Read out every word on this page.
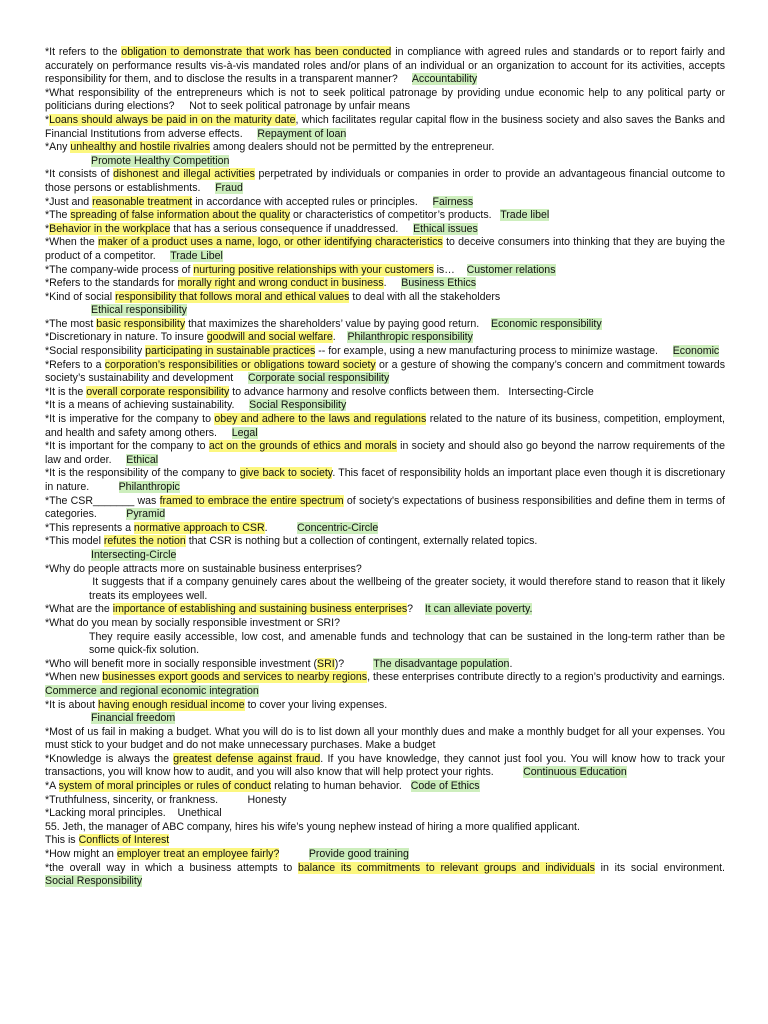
*It refers to the obligation to demonstrate that work has been conducted in compliance with agreed rules and standards or to report fairly and accurately on performance results vis-à-vis mandated roles and/or plans of an individual or an organization to account for its activities, accepts responsibility for them, and to disclose the results in a transparent manner?     Accountability

*What responsibility of the entrepreneurs which is not to seek political patronage by providing undue economic help to any political party or politicians during elections?     Not to seek political patronage by unfair means

*Loans should always be paid in on the maturity date, which facilitates regular capital flow in the business society and also saves the Banks and Financial Institutions from adverse effects.     Repayment of loan

*Any unhealthy and hostile rivalries among dealers should not be permitted by the entrepreneur.

Promote Healthy Competition

*It consists of dishonest and illegal activities perpetrated by individuals or companies in order to provide an advantageous financial outcome to those persons or establishments.     Fraud

*Just and reasonable treatment in accordance with accepted rules or principles.     Fairness

*The spreading of false information about the quality or characteristics of competitor’s products.   Trade libel

*Behavior in the workplace that has a serious consequence if unaddressed.     Ethical issues

*When the maker of a product uses a name, logo, or other identifying characteristics to deceive consumers into thinking that they are buying the product of a competitor.     Trade Libel

*The company-wide process of nurturing positive relationships with your customers is…    Customer relations

*Refers to the standards for morally right and wrong conduct in business.     Business Ethics

*Kind of social responsibility that follows moral and ethical values to deal with all the stakeholders

Ethical responsibility

*The most basic responsibility that maximizes the shareholders’ value by paying good return.    Economic responsibility

*Discretionary in nature. To insure goodwill and social welfare.    Philanthropic responsibility

*Social responsibility participating in sustainable practices -- for example, using a new manufacturing process to minimize wastage.     Economic

*Refers to a corporation’s responsibilities or obligations toward society or a gesture of showing the company’s concern and commitment towards society’s sustainability and development     Corporate social responsibility

*It is the overall corporate responsibility to advance harmony and resolve conflicts between them.   Intersecting-Circle

*It is a means of achieving sustainability.     Social Responsibility

*It is imperative for the company to obey and adhere to the laws and regulations related to the nature of its business, competition, employment, and health and safety among others.     Legal

*It is important for the company to act on the grounds of ethics and morals in society and should also go beyond the narrow requirements of the law and order.     Ethical

*It is the responsibility of the company to give back to society. This facet of responsibility holds an important place even though it is discretionary in nature.          Philanthropic

*The CSR_______ was framed to embrace the entire spectrum of society's expectations of business responsibilities and define them in terms of categories.          Pyramid

*This represents a normative approach to CSR.          Concentric-Circle

*This model refutes the notion that CSR is nothing but a collection of contingent, externally related topics.

Intersecting-Circle

*Why do people attracts more on sustainable business enterprises?

It suggests that if a company genuinely cares about the wellbeing of the greater society, it would therefore stand to reason that it likely treats its employees well.

*What are the importance of establishing and sustaining business enterprises?    It can alleviate poverty.

*What do you mean by socially responsible investment or SRI?

They require easily accessible, low cost, and amenable funds and technology that can be sustained in the long-term rather than be some quick-fix solution.

*Who will benefit more in socially responsible investment (SRI)?          The disadvantage population.

*When new businesses export goods and services to nearby regions, these enterprises contribute directly to a region’s productivity and earnings.          Commerce and regional economic integration

*It is about having enough residual income to cover your living expenses.

Financial freedom

*Most of us fail in making a budget. What you will do is to list down all your monthly dues and make a monthly budget for all your expenses. You must stick to your budget and do not make unnecessary purchases. Make a budget

*Knowledge is always the greatest defense against fraud. If you have knowledge, they cannot just fool you. You will know how to track your transactions, you will know how to audit, and you will also know that will help protect your rights.          Continuous Education

*A system of moral principles or rules of conduct relating to human behavior.   Code of Ethics

*Truthfulness, sincerity, or frankness.          Honesty

*Lacking moral principles.    Unethical

55. Jeth, the manager of ABC company, hires his wife’s young nephew instead of hiring a more qualified applicant.

This is Conflicts of Interest

*How might an employer treat an employee fairly?	Provide good training

*the overall way in which a business attempts to balance its commitments to relevant groups and individuals in its social environment.          Social Responsibility
